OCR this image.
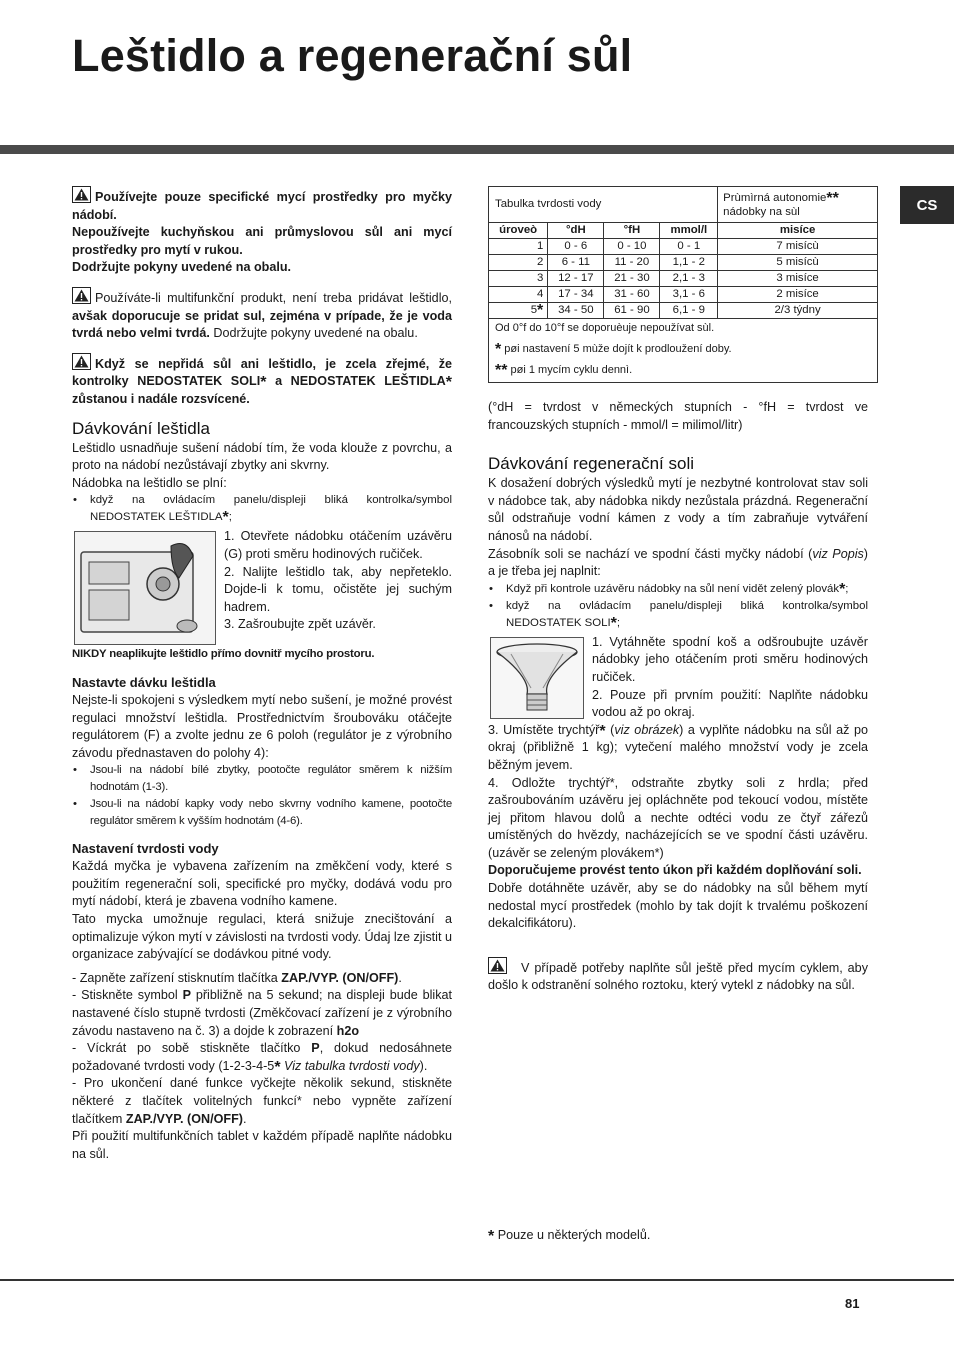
Leštidlo a regenerační sůl
CS

Používejte pouze specifické mycí prostředky pro myčky nádobí.
Nepoužívejte kuchyňskou ani průmyslovou sůl ani mycí prostředky pro mytí v rukou.
Dodržujte pokyny uvedené na obalu.

Používáte-li multifunkční produkt, není treba pridávat leštidlo, avšak doporucuje se pridat sul, zejména v prípade, že je voda tvrdá nebo velmi tvrdá. Dodržujte pokyny uvedené na obalu.

Když se nepřidá sůl ani leštidlo, je zcela zřejmé, že kontrolky NEDOSTATEK SOLI* a NEDOSTATEK LEŠTIDLA* zůstanou i nadále rozsvícené.

Dávkování leštidla

Leštidlo usnadňuje sušení nádobí tím, že voda klouže z povrchu, a proto na nádobí nezůstávají zbytky ani skvrny.

Nádobka na leštidlo se plní:

• když na ovládacím panelu/displeji bliká kontrolka/symbol NEDOSTATEK LEŠTIDLA*;

1. Otevřete nádobku otáčením uzávěru (G) proti směru hodinových ručiček.

2. Nalijte leštidlo tak, aby nepřeteklo. Dojde-li k tomu, očistěte jej suchým hadrem.

3. Zašroubujte zpět uzávěr.

NIKDY neaplikujte leštidlo přímo dovnitř mycího prostoru.

Nastavte dávku leštidla

Nejste-li spokojeni s výsledkem mytí nebo sušení, je možné provést regulaci množství leštidla. Prostřednictvím šroubováku otáčejte regulátorem (F) a zvolte jednu ze 6 poloh (regulátor je z výrobního závodu přednastaven do polohy 4):

• Jsou-li na nádobí bílé zbytky, pootočte regulátor směrem k nižším hodnotám (1-3).
• Jsou-li na nádobí kapky vody nebo skvrny vodního kamene, pootočte regulátor směrem k vyšším hodnotám (4-6).
Nastavení tvrdosti vody

Každá myčka je vybavena zařízením na změkčení vody, které s použitím regenerační soli, specifické pro myčky, dodává vodu pro mytí nádobí, která je zbavena vodního kamene.

Tato mycka umožnuje regulaci, která snižuje znecištování a optimalizuje výkon mytí v závislosti na tvrdosti vody. Údaj lze zjistit u organizace zabývající se dodávkou pitné vody.

- Zapněte zařízení stisknutím tlačítka ZAP./VYP. (ON/OFF).

- Stiskněte symbol P přibližně na 5 sekund; na displeji bude blikat nastavené číslo stupně tvrdosti (Změkčovací zařízení je z výrobního závodu nastaveno na č. 3) a dojde k zobrazení h2o

- Víckrát po sobě stiskněte tlačítko P, dokud nedosáhnete požadované tvrdosti vody (1-2-3-4-5* Viz tabulka tvrdosti vody).

- Pro ukončení dané funkce vyčkejte několik sekund, stiskněte některé z tlačítek volitelných funkcí* nebo vypněte zařízení tlačítkem ZAP./VYP. (ON/OFF).

Při použití multifunkčních tablet v každém případě naplňte nádobku na sůl.

Tabulka tvrdosti vody				Prùmìrná autonomie**
nádobky na sùl
úroveò	°dH	°fH	mmol/l	misíce
1	0 - 6	0 - 10	0 - 1	7 misícù
2	6 - 11	11 - 20	1,1 - 2	5 misícù
3	12 - 17	21 - 30	2,1 - 3	3 misíce
4	17 - 34	31 - 60	3,1 - 6	2 misíce
5*	34 - 50	61 - 90	6,1 - 9	2/3 týdny

Od 0°f do 10°f se doporuèuje nepoužívat sùl.
* pøi nastavení 5 mùže dojít k prodloužení doby.
** pøi 1 mycím cyklu dennì.				

(°dH = tvrdost v německých stupních - °fH = tvrdost ve francouzských stupních - mmol/l = milimol/litr)

Dávkování regenerační soli

K dosažení dobrých výsledků mytí je nezbytné kontrolovat stav soli v nádobce tak, aby nádobka nikdy nezůstala prázdná. Regenerační sůl odstraňuje vodní kámen z vody a tím zabraňuje vytváření nánosů na nádobí.

Zásobník soli se nachází ve spodní části myčky nádobí (viz Popis) a je třeba jej naplnit:

• Když při kontrole uzávěru nádobky na sůl není vidět zelený plovák*;
• když na ovládacím panelu/displeji bliká kontrolka/symbol NEDOSTATEK SOLI*;

1. Vytáhněte spodní koš a odšroubujte uzávěr nádobky jeho otáčením proti směru hodinových ručiček.

2. Pouze při prvním použití: Naplňte nádobku vodou až po okraj.

3. Umístěte trychtýř* (viz obrázek) a vyplňte nádobku na sůl až po okraj (přibližně 1 kg); vytečení malého množství vody je zcela běžným jevem.

4. Odložte trychtýř*, odstraňte zbytky soli z hrdla; před zašroubováním uzávěru jej opláchněte pod tekoucí vodou, místěte jej přitom hlavou dolů a nechte odtéci vodu ze čtyř zářezů umístěných do hvězdy, nacházejících se ve spodní části uzávěru. (uzávěr se zeleným plovákem*)

Doporučujeme provést tento úkon při každém doplňování soli.

Dobře dotáhněte uzávěr, aby se do nádobky na sůl během mytí nedostal mycí prostředek (mohlo by tak dojít k trvalému poškození dekalcifikátoru).

V případě potřeby naplňte sůl ještě před mycím cyklem, aby došlo k odstranění solného roztoku, který vytekl z nádobky na sůl.

* Pouze u některých modelů.
81
